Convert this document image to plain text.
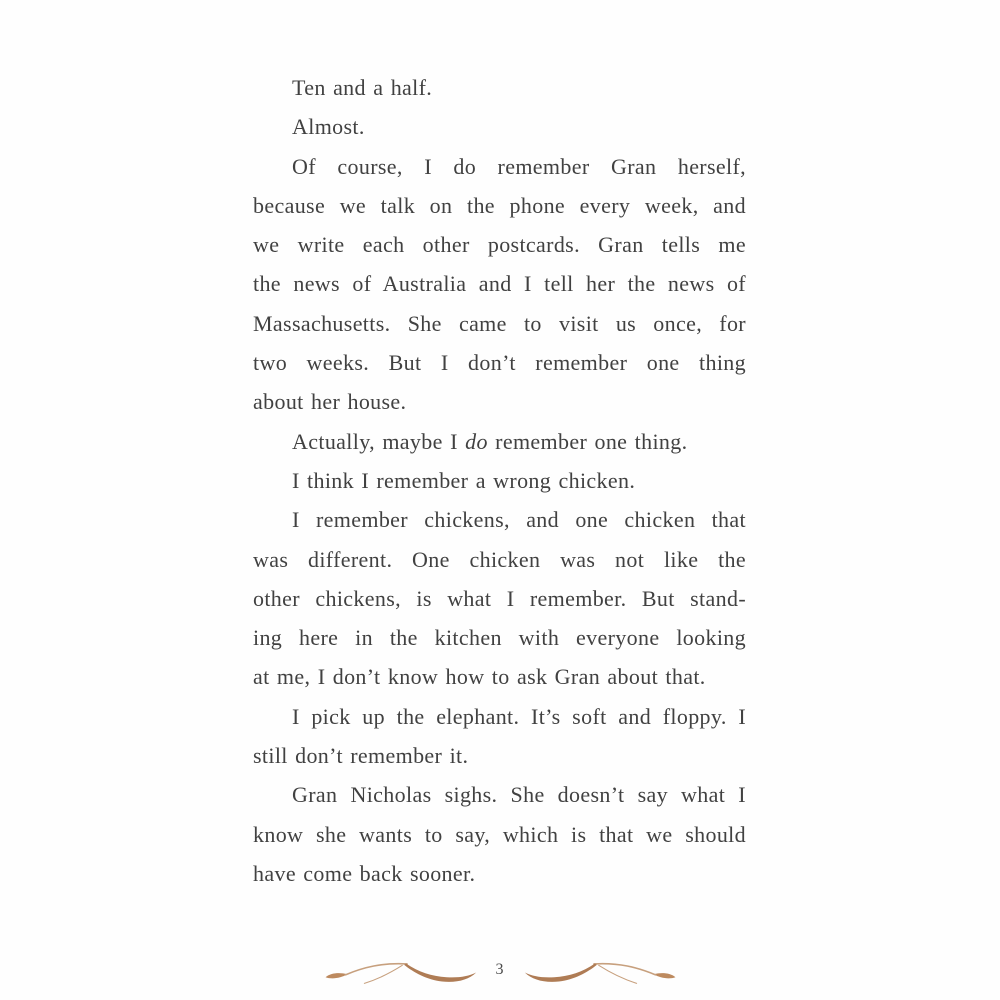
Ten and a half.
Almost.
Of course, I do remember Gran herself,
because we talk on the phone every week, and
we write each other postcards. Gran tells me
the news of Australia and I tell her the news of
Massachusetts. She came to visit us once, for
two weeks. But I don’t remember one thing
about her house.
Actually, maybe I do remember one thing.
I think I remember a wrong chicken.
I remember chickens, and one chicken that
was different. One chicken was not like the
other chickens, is what I remember. But stand-
ing here in the kitchen with everyone looking
at me, I don’t know how to ask Gran about that.
I pick up the elephant. It’s soft and floppy. I
still don’t remember it.
Gran Nicholas sighs. She doesn’t say what I
know she wants to say, which is that we should
have come back sooner.
3
